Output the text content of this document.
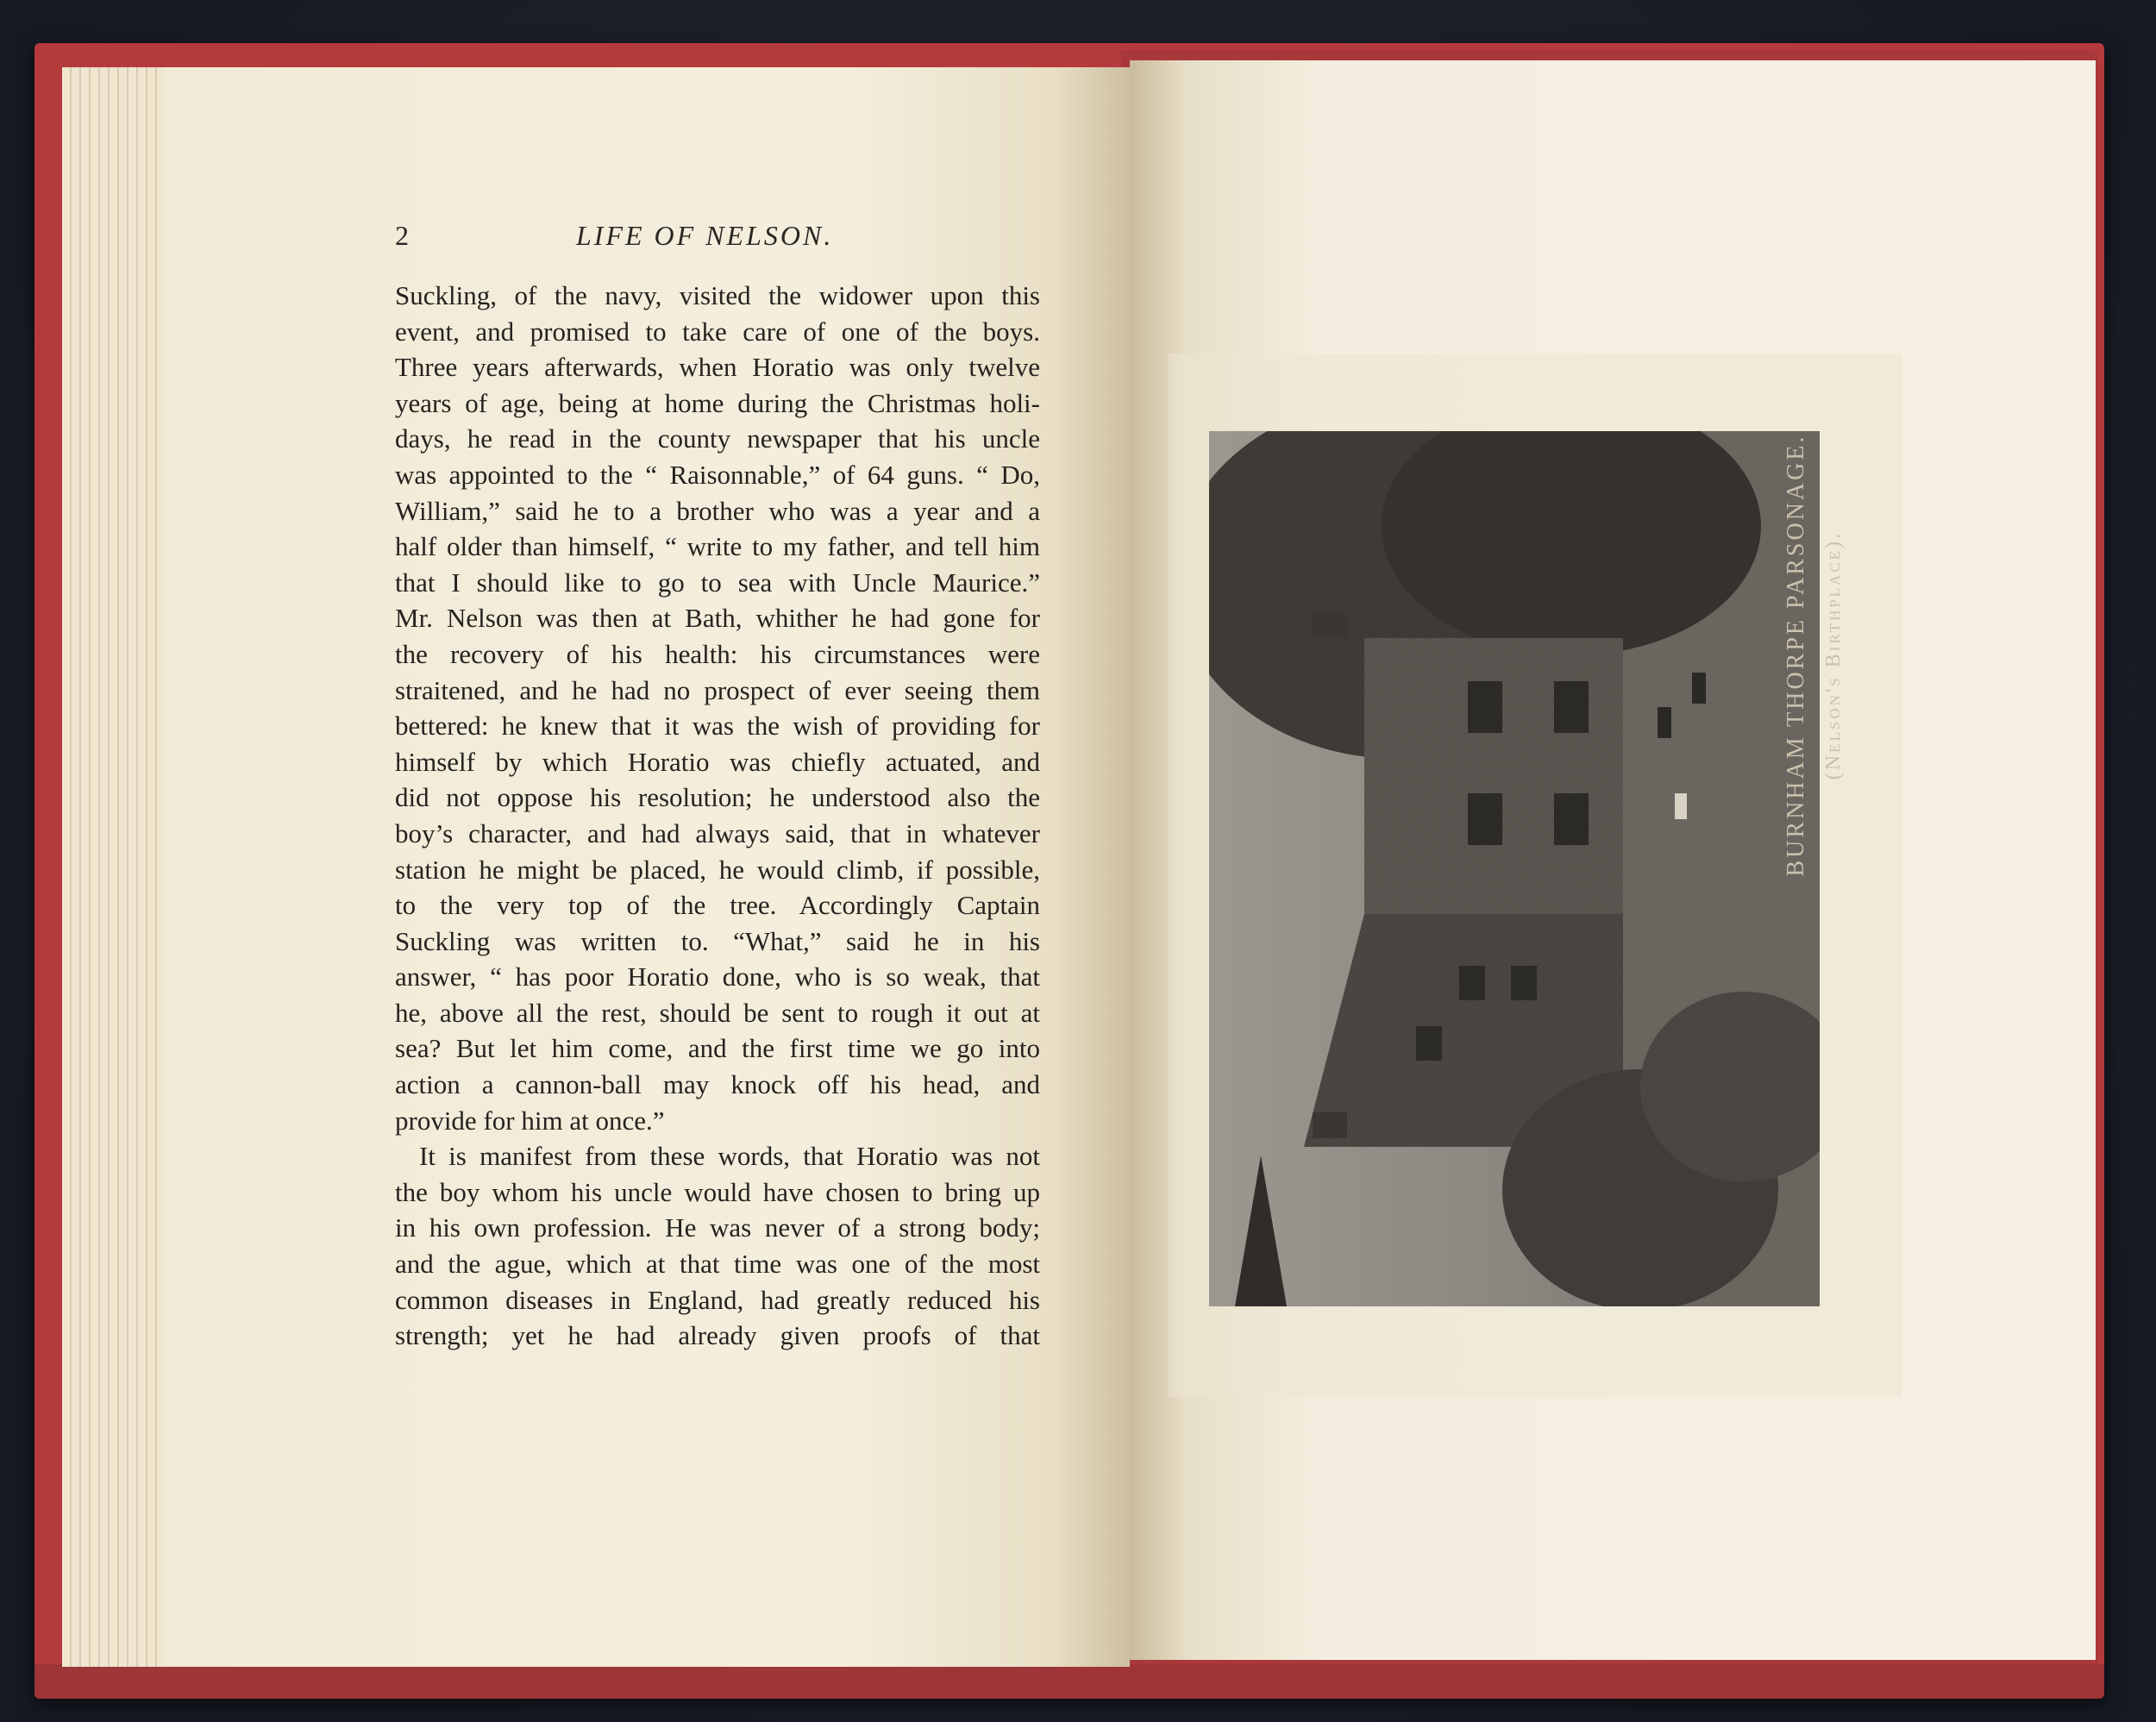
2	LIFE OF NELSON.
Suckling, of the navy, visited the widower upon this
event, and promised to take care of one of the boys.
Three years afterwards, when Horatio was only twelve
years of age, being at home during the Christmas holi-
days, he read in the county newspaper that his uncle
was appointed to the “ Raisonnable,” of 64 guns. “ Do,
William,” said he to a brother who was a year and a
half older than himself, “ write to my father, and tell him
that I should like to go to sea with Uncle Maurice.”
Mr. Nelson was then at Bath, whither he had gone for
the recovery of his health: his circumstances were
straitened, and he had no prospect of ever seeing them
bettered: he knew that it was the wish of providing for
himself by which Horatio was chiefly actuated, and
did not oppose his resolution; he understood also the
boy’s character, and had always said, that in whatever
station he might be placed, he would climb, if possible,
to the very top of the tree. Accordingly Captain
Suckling was written to. “What,” said he in his
answer, “ has poor Horatio done, who is so weak, that
he, above all the rest, should be sent to rough it out at
sea? But let him come, and the first time we go into
action a cannon-ball may knock off his head, and
provide for him at once.”
It is manifest from these words, that Horatio was not
the boy whom his uncle would have chosen to bring up
in his own profession. He was never of a strong body;
and the ague, which at that time was one of the most
common diseases in England, had greatly reduced his
strength; yet he had already given proofs of that
BURNHAM THORPE PARSONAGE. (Nelson's Birthplace).
